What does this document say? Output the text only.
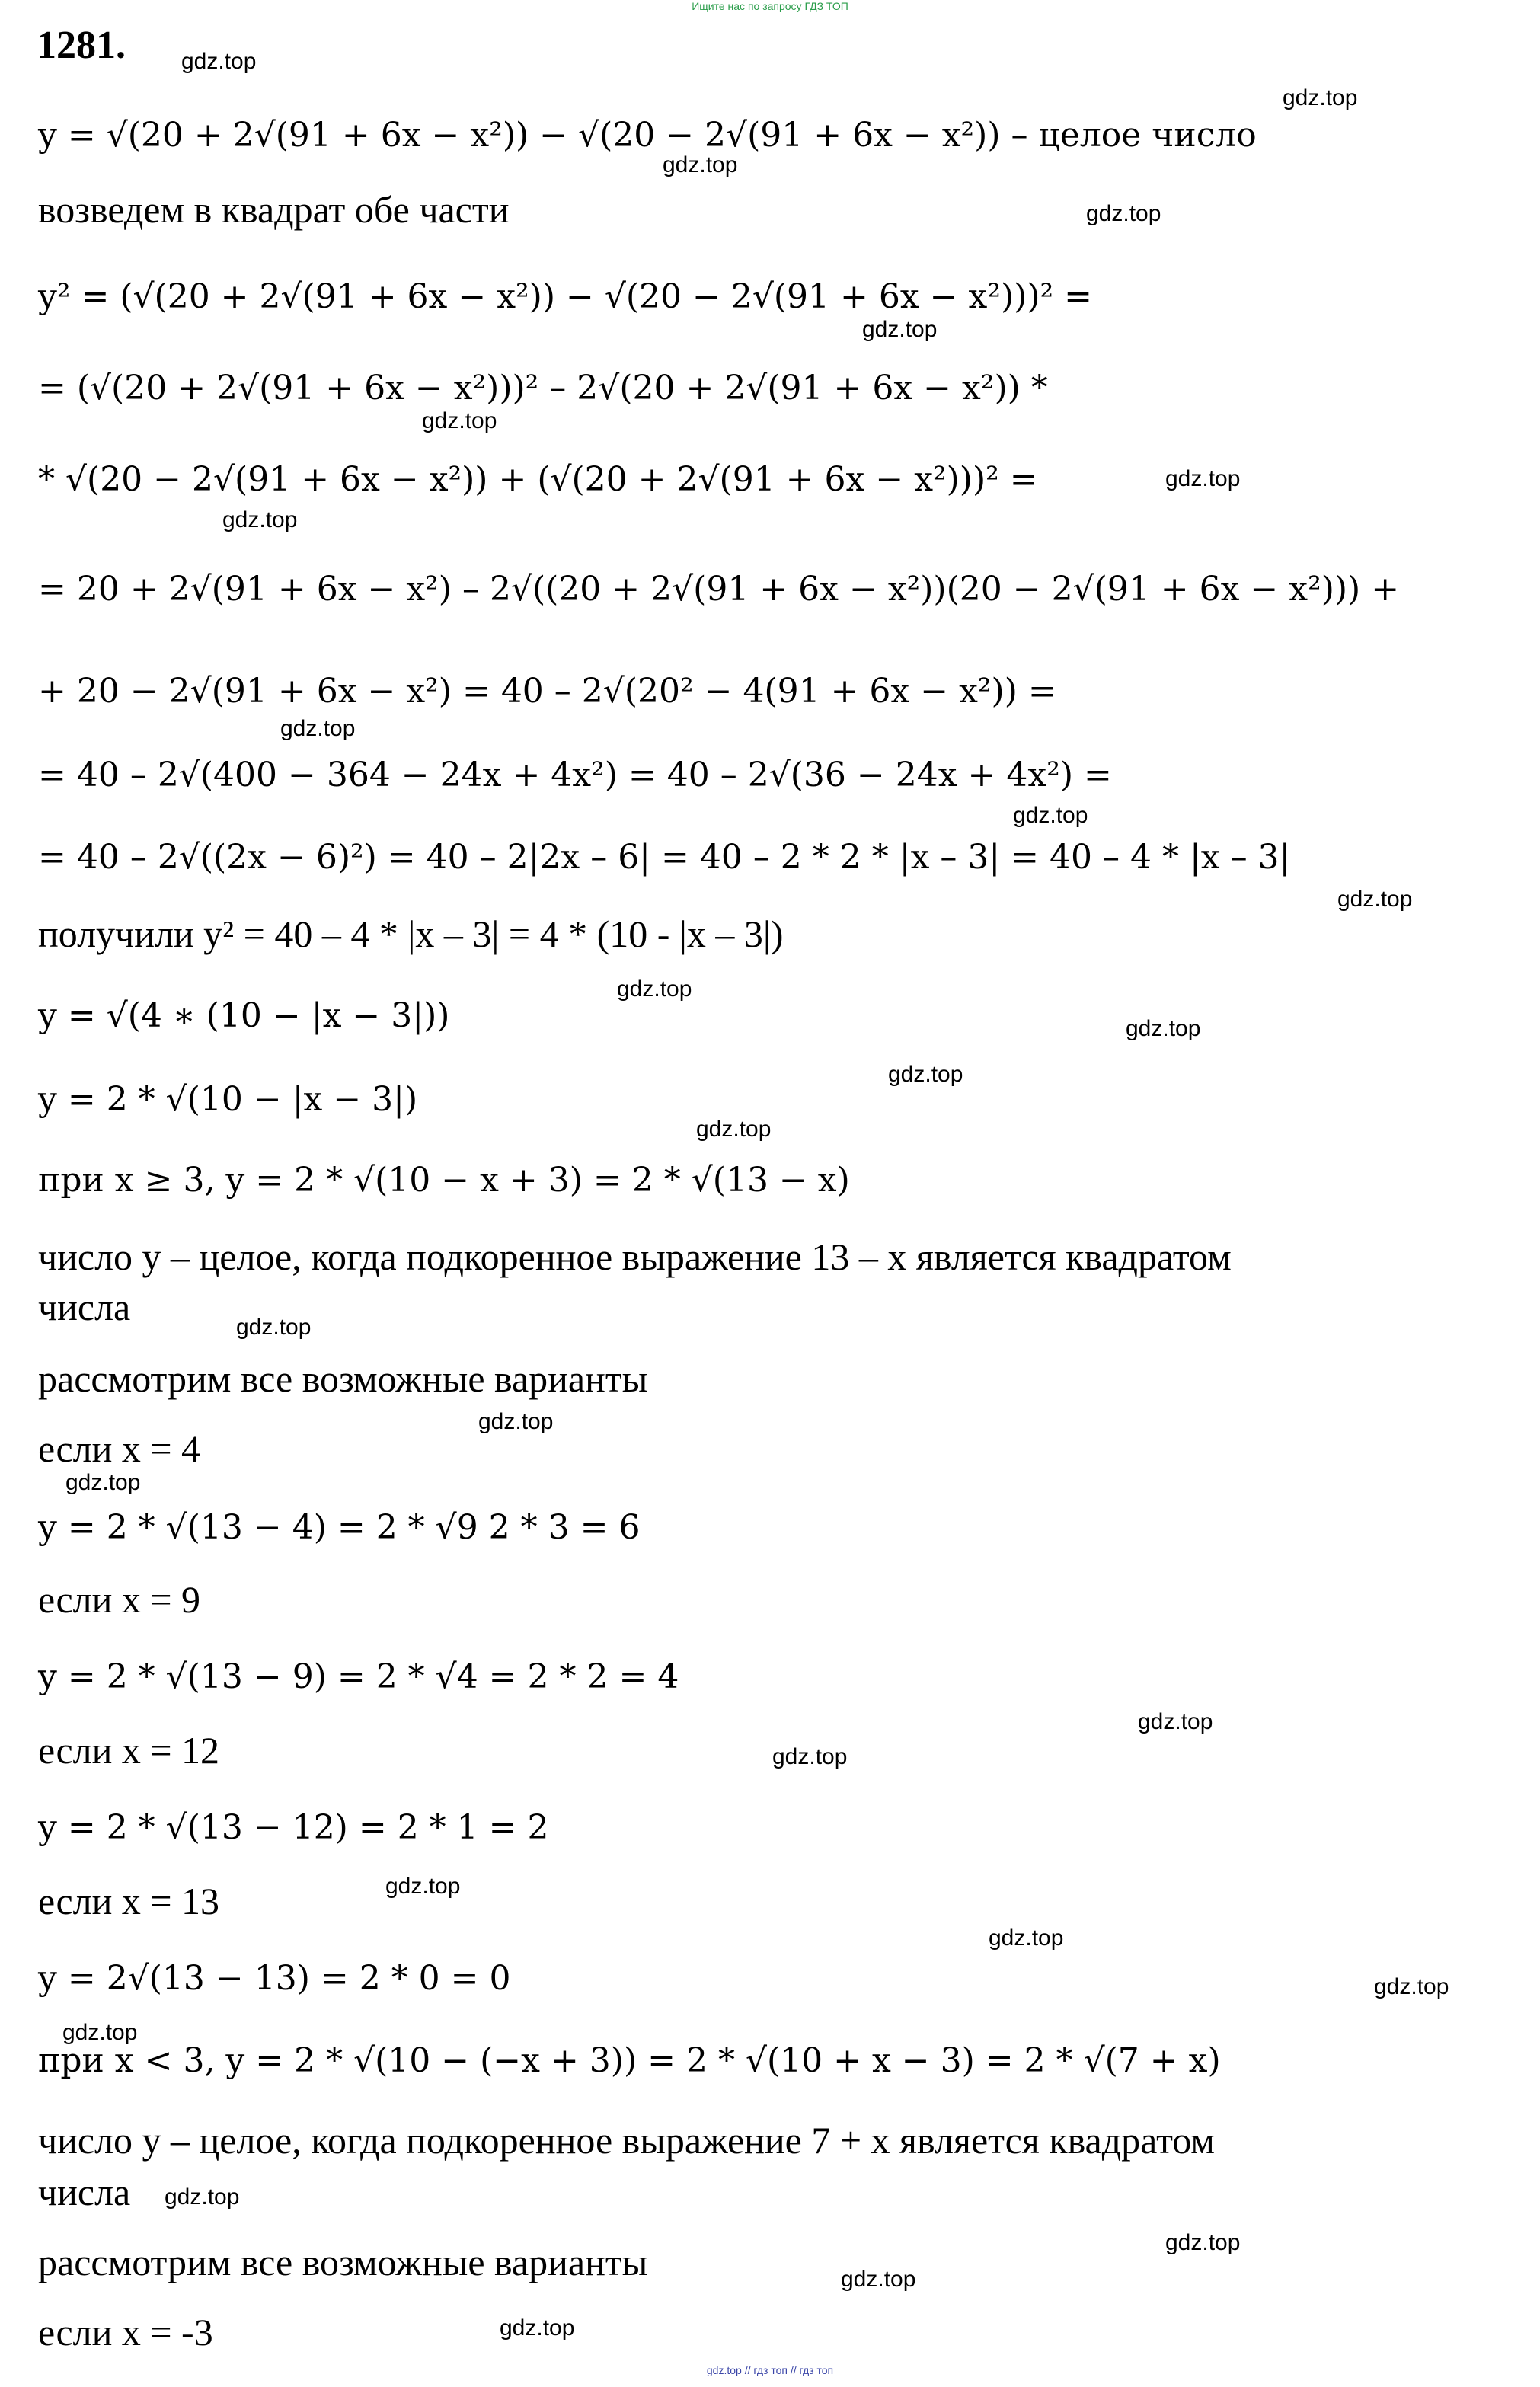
Ищите нас по запросу ГДЗ ТОП
1281.
y = √(20 + 2√(91 + 6x − x²)) − √(20 − 2√(91 + 6x − x²)) – целое число
возведем в квадрат обе части
y² = (√(20 + 2√(91 + 6x − x²)) − √(20 − 2√(91 + 6x − x²)))² =
= (√(20 + 2√(91 + 6x − x²)))² – 2√(20 + 2√(91 + 6x − x²)) *
* √(20 − 2√(91 + 6x − x²)) + (√(20 + 2√(91 + 6x − x²)))² =
= 20 + 2√(91 + 6x − x²) – 2√((20 + 2√(91 + 6x − x²))(20 − 2√(91 + 6x − x²))) +
+ 20 − 2√(91 + 6x − x²) = 40 – 2√(20² − 4(91 + 6x − x²)) =
= 40 – 2√(400 − 364 − 24x + 4x²) = 40 – 2√(36 − 24x + 4x²) =
= 40 – 2√((2x − 6)²) = 40 – 2|2x – 6| = 40 – 2 * 2 * |x – 3| = 40 – 4 * |x – 3|
получили y² = 40 – 4 * |x – 3| = 4 * (10 - |x – 3|)
y = √(4 ∗ (10 − |x − 3|))
y = 2 * √(10 − |x − 3|)
при x ≥ 3, y = 2 * √(10 − x + 3) = 2 * √(13 − x)
число y – целое, когда подкоренное выражение 13 – x является квадратом
числа
рассмотрим все возможные варианты
если x = 4
y = 2 * √(13 − 4) = 2 * √9 2 * 3 = 6
если x = 9
y = 2 * √(13 − 9) = 2 * √4 = 2 * 2 = 4
если x = 12
y = 2 * √(13 − 12) = 2 * 1 = 2
если x = 13
y = 2√(13 − 13) = 2 * 0 = 0
при x < 3, y = 2 * √(10 − (−x + 3)) = 2 * √(10 + x − 3) = 2 * √(7 + x)
число y – целое, когда подкоренное выражение 7 + x является квадратом
числа
рассмотрим все возможные варианты
если x = -3
gdz.top
gdz.top
gdz.top
gdz.top
gdz.top
gdz.top
gdz.top
gdz.top
gdz.top
gdz.top
gdz.top
gdz.top
gdz.top
gdz.top
gdz.top
gdz.top
gdz.top
gdz.top
gdz.top
gdz.top
gdz.top
gdz.top
gdz.top
gdz.top
gdz.top
gdz.top
gdz.top
gdz.top
gdz.top // гдз топ // гдз топ
